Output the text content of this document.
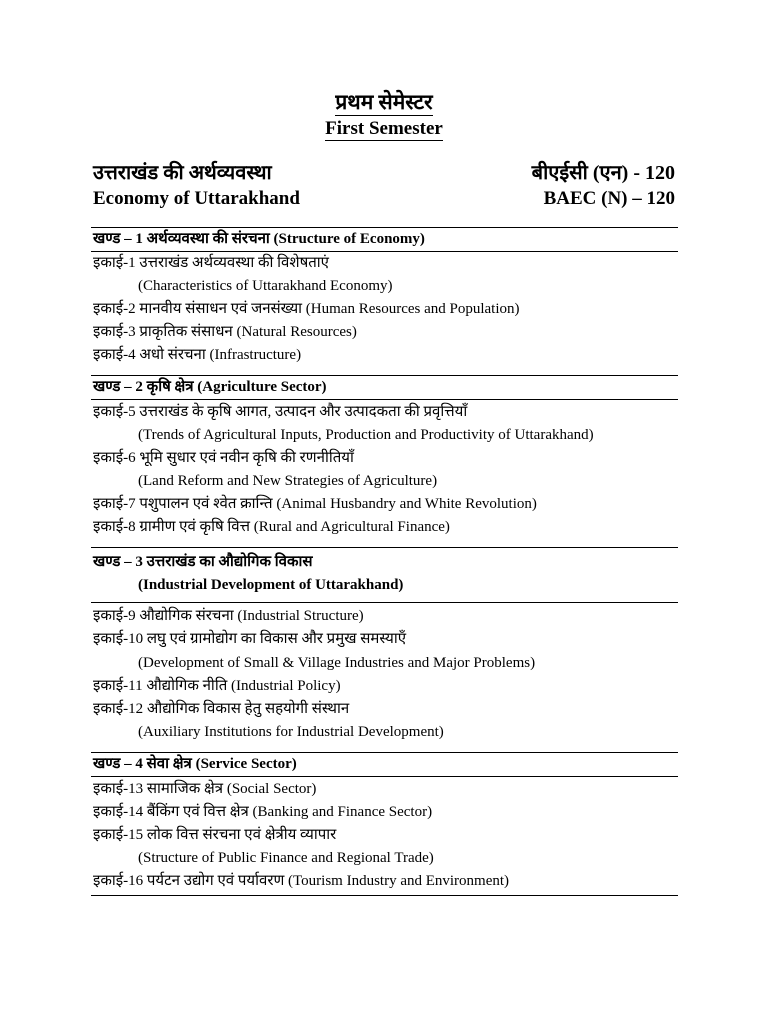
प्रथम सेमेस्टर
First Semester
उत्तराखंड की अर्थव्यवस्था	बीएईसी (एन) - 120
Economy of Uttarakhand	BAEC (N) – 120
खण्ड – 1 अर्थव्यवस्था की संरचना (Structure of Economy)
इकाई-1 उत्तराखंड अर्थव्यवस्था की विशेषताएं
(Characteristics of Uttarakhand Economy)
इकाई-2 मानवीय संसाधन एवं जनसंख्या (Human Resources and Population)
इकाई-3 प्राकृतिक संसाधन (Natural Resources)
इकाई-4 अधो संरचना (Infrastructure)
खण्ड – 2 कृषि क्षेत्र (Agriculture Sector)
इकाई-5 उत्तराखंड के कृषि आगत, उत्पादन और उत्पादकता की प्रवृत्तियाँ
(Trends of Agricultural Inputs, Production and Productivity of Uttarakhand)
इकाई-6 भूमि सुधार एवं नवीन कृषि की रणनीतियाँ
(Land Reform and New Strategies of Agriculture)
इकाई-7 पशुपालन एवं श्वेत क्रान्ति (Animal Husbandry and White Revolution)
इकाई-8 ग्रामीण एवं कृषि वित्त (Rural and Agricultural Finance)
खण्ड – 3 उत्तराखंड का औद्योगिक विकास
(Industrial Development of Uttarakhand)
इकाई-9 औद्योगिक संरचना (Industrial Structure)
इकाई-10 लघु एवं ग्रामोद्योग का विकास और प्रमुख समस्याएँ
(Development of Small & Village Industries and Major Problems)
इकाई-11 औद्योगिक नीति (Industrial Policy)
इकाई-12 औद्योगिक विकास हेतु सहयोगी संस्थान
(Auxiliary Institutions for Industrial Development)
खण्ड – 4 सेवा क्षेत्र (Service Sector)
इकाई-13 सामाजिक क्षेत्र (Social Sector)
इकाई-14 बैंकिंग एवं वित्त क्षेत्र (Banking and Finance Sector)
इकाई-15 लोक वित्त संरचना एवं क्षेत्रीय व्यापार
(Structure of Public Finance and Regional Trade)
इकाई-16 पर्यटन उद्योग एवं पर्यावरण (Tourism Industry and Environment)
